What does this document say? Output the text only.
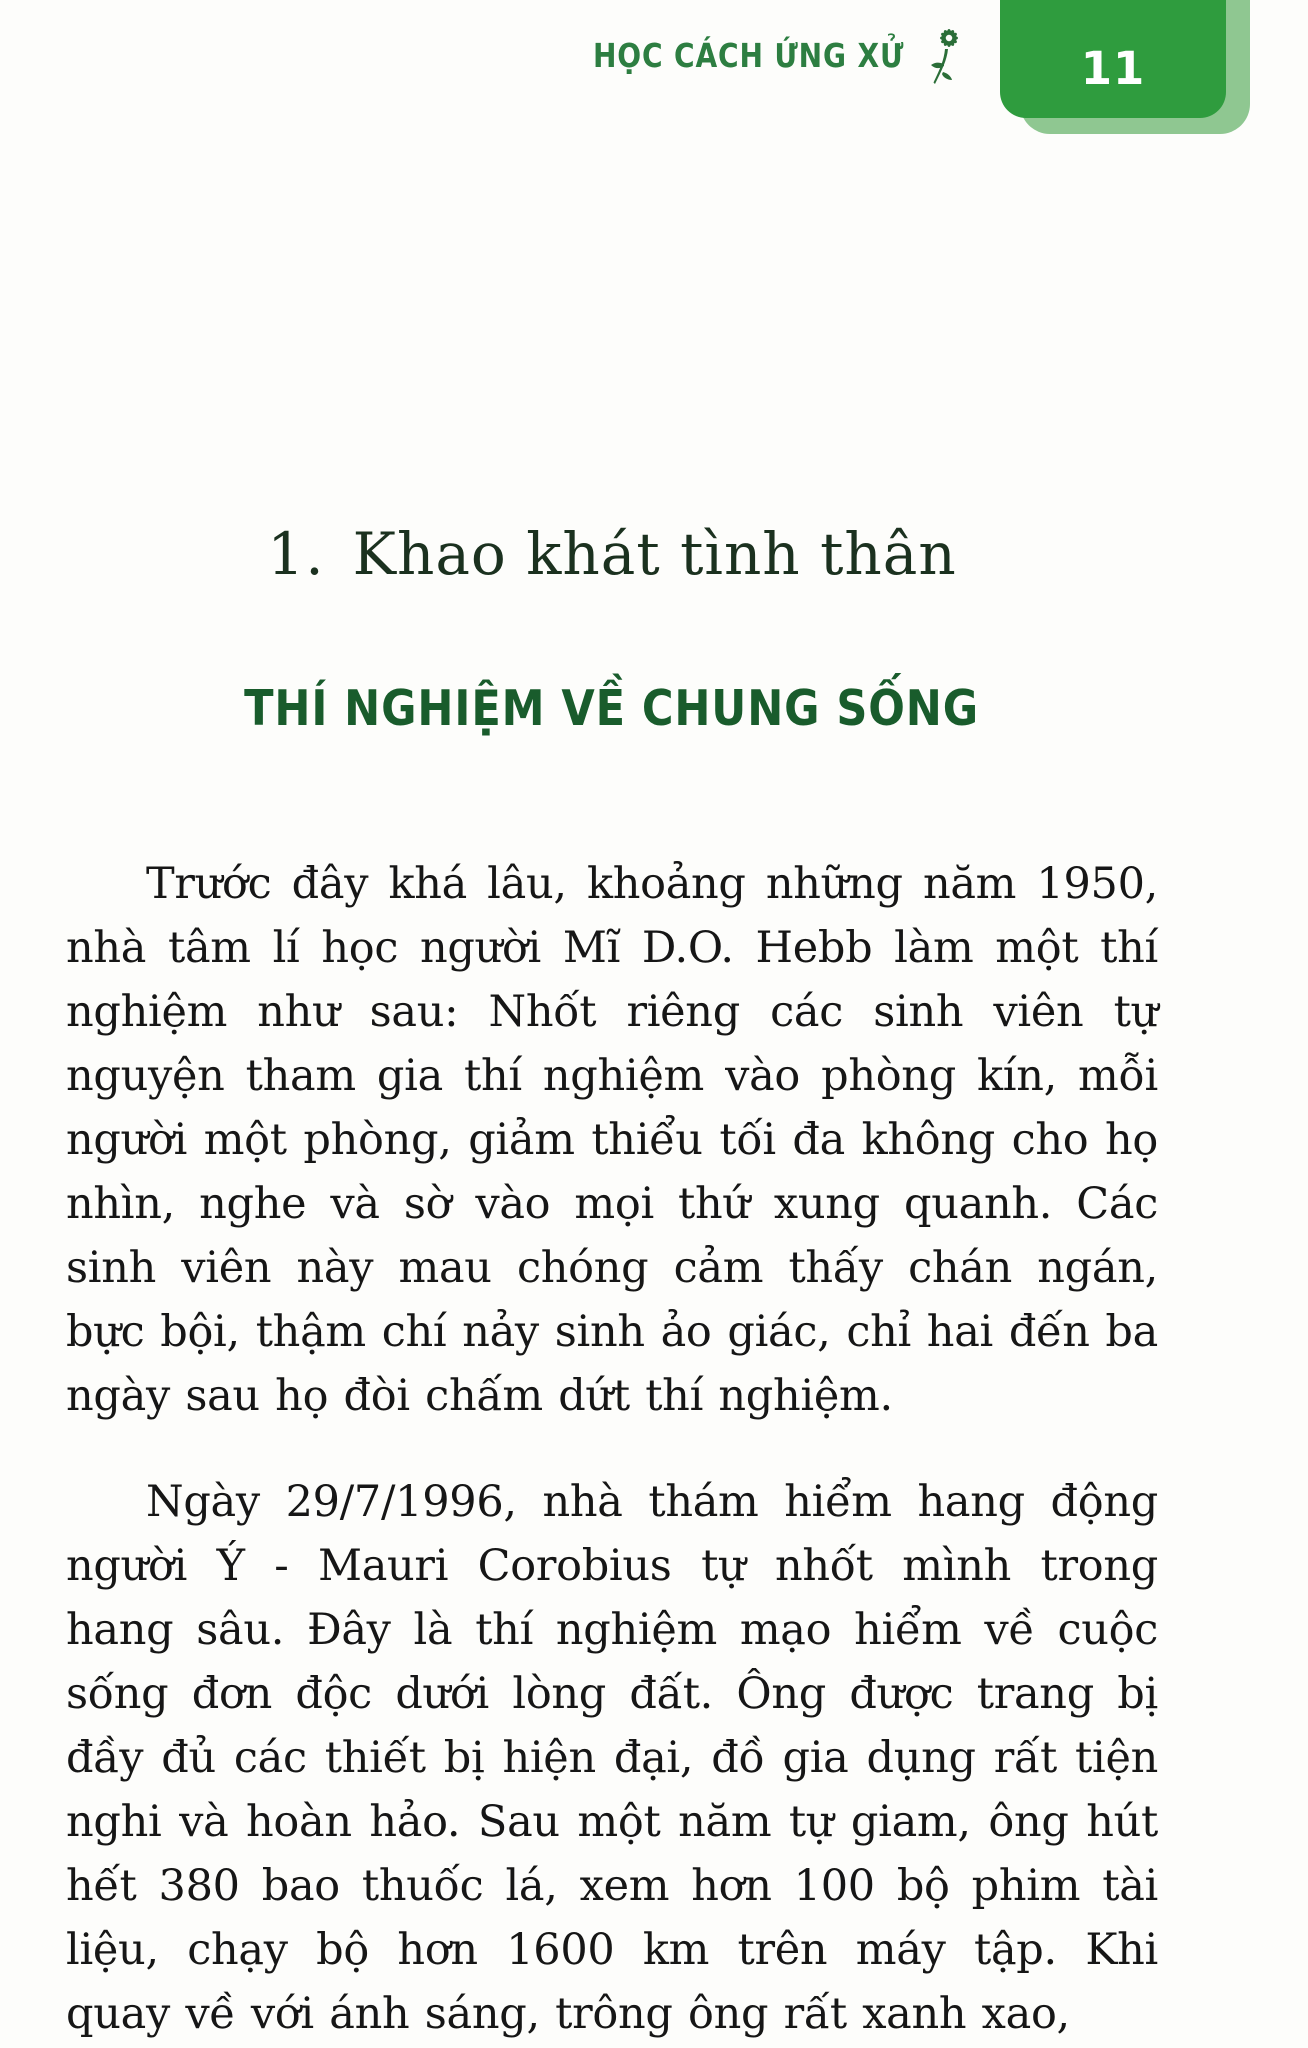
HỌC CÁCH ỨNG XỬ	11
1. Khao khát tình thân
THÍ NGHIỆM VỀ CHUNG SỐNG

Trước đây khá lâu, khoảng những năm 1950, nhà tâm lí học người Mĩ D.O. Hebb làm một thí nghiệm như sau: Nhốt riêng các sinh viên tự nguyện tham gia thí nghiệm vào phòng kín, mỗi người một phòng, giảm thiểu tối đa không cho họ nhìn, nghe và sờ vào mọi thứ xung quanh. Các sinh viên này mau chóng cảm thấy chán ngán, bực bội, thậm chí nảy sinh ảo giác, chỉ hai đến ba ngày sau họ đòi chấm dứt thí nghiệm.

Ngày 29/7/1996, nhà thám hiểm hang động người Ý - Mauri Corobius tự nhốt mình trong hang sâu. Đây là thí nghiệm mạo hiểm về cuộc sống đơn độc dưới lòng đất. Ông được trang bị đầy đủ các thiết bị hiện đại, đồ gia dụng rất tiện nghi và hoàn hảo. Sau một năm tự giam, ông hút hết 380 bao thuốc lá, xem hơn 100 bộ phim tài liệu, chạy bộ hơn 1600 km trên máy tập. Khi quay về với ánh sáng, trông ông rất xanh xao,
